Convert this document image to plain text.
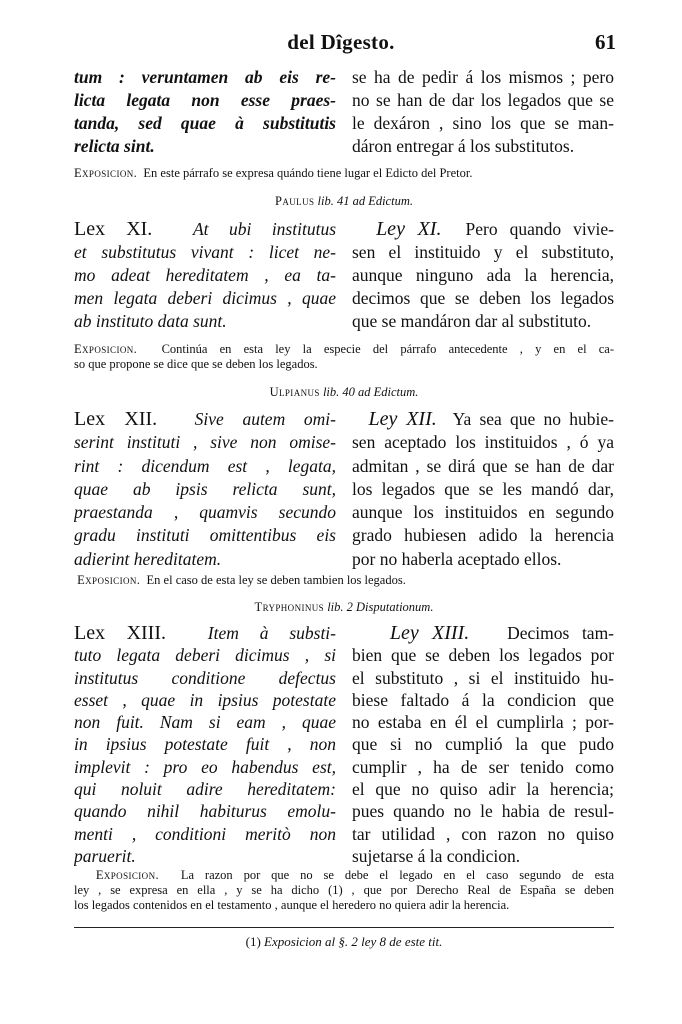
del Dîgesto.	61
tum : veruntamen ab eis re-
licta legata non esse praes-
tanda, sed quae à substitutis
relicta sint.
se ha de pedir á los mismos ; pero
no se han de dar los legados que se
le dexáron , sino los que se man-
dáron entregar á los substitutos.
Exposicion. En este párrafo se expresa quándo tiene lugar el Edicto del Pretor.
Paulus lib. 41 ad Edictum.
Lex XI. At ubi institutus
et substitutus vivant : licet ne-
mo adeat hereditatem , ea ta-
men legata deberi dicimus , quae
ab instituto data sunt.
Ley XI. Pero quando vivie-
sen el instituido y el substituto,
aunque ninguno ada la herencia,
decimos que se deben los legados
que se mandáron dar al substituto.
Exposicion. Continúa en esta ley la especie del párrafo antecedente , y en el ca-
so que propone se dice que se deben los legados.
Ulpianus lib. 40 ad Edictum.
Lex XII. Sive autem omi-
serint instituti , sive non omise-
rint : dicendum est , legata,
quae ab ipsis relicta sunt,
praestanda , quamvis secundo
gradu instituti omittentibus eis
adierint hereditatem.
Ley XII. Ya sea que no hubie-
sen aceptado los instituidos , ó ya
admitan , se dirá que se han de dar
los legados que se les mandó dar,
aunque los instituidos en segundo
grado hubiesen adido la herencia
por no haberla aceptado ellos.
Exposicion. En el caso de esta ley se deben tambien los legados.
Tryphoninus lib. 2 Disputationum.
Lex XIII. Item à substi-
tuto legata deberi dicimus , si
institutus conditione defectus
esset , quae in ipsius potestate
non fuit. Nam si eam , quae
in ipsius potestate fuit , non
implevit : pro eo habendus est,
qui noluit adire hereditatem:
quando nihil habiturus emolu-
menti , conditioni meritò non
paruerit.
Ley XIII. Decimos tam-
bien que se deben los legados por
el substituto , si el instituido hu-
biese faltado á la condicion que
no estaba en él el cumplirla ; por-
que si no cumplió la que pudo
cumplir , ha de ser tenido como
el que no quiso adir la herencia;
pues quando no le habia de resul-
tar utilidad , con razon no quiso
sujetarse á la condicion.
Exposicion. La razon por que no se debe el legado en el caso segundo de esta
ley , se expresa en ella , y se ha dicho (1) , que por Derecho Real de España se deben
los legados contenidos en el testamento , aunque el heredero no quiera adir la herencia.
(1) Exposicion al §. 2 ley 8 de este tit.
